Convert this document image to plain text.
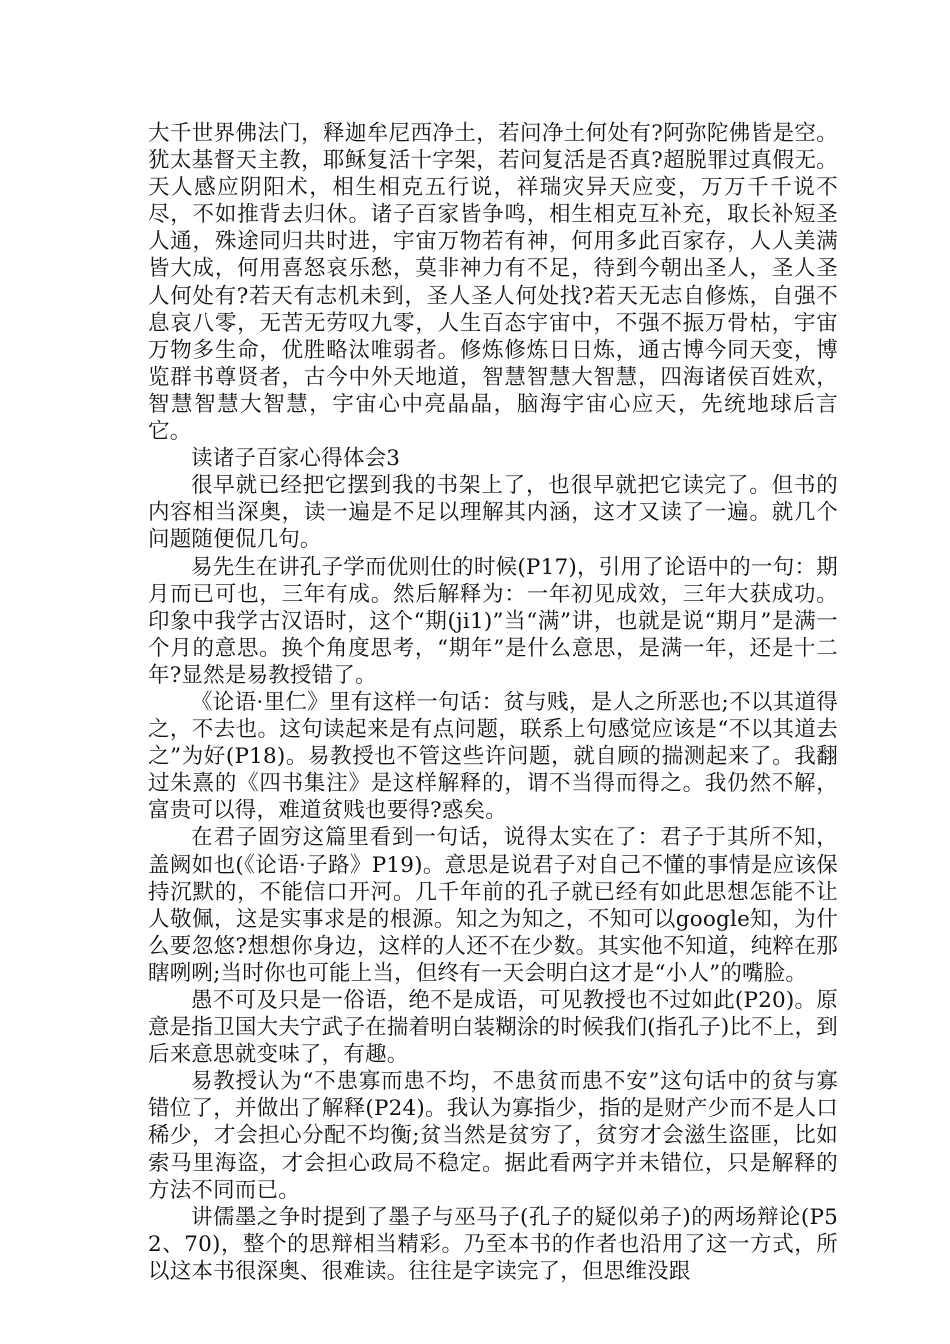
大千世界佛法门，释迦牟尼西净土，若问净土何处有?阿弥陀佛皆是空。犹太基督天主教，耶稣复活十字架，若问复活是否真?超脱罪过真假无。天人感应阴阳术，相生相克五行说，祥瑞灾异天应变，万万千千说不尽，不如推背去归休。诸子百家皆争鸣，相生相克互补充，取长补短圣人通，殊途同归共时进，宇宙万物若有神，何用多此百家存，人人美满皆大成，何用喜怒哀乐愁，莫非神力有不足，待到今朝出圣人，圣人圣人何处有?若天有志机未到，圣人圣人何处找?若天无志自修炼，自强不息哀八零，无苦无劳叹九零，人生百态宇宙中，不强不振万骨枯，宇宙万物多生命，优胜略汰唯弱者。修炼修炼日日炼，通古博今同天变，博览群书尊贤者，古今中外天地道，智慧智慧大智慧，四海诸侯百姓欢，智慧智慧大智慧，宇宙心中亮晶晶，脑海宇宙心应天，先统地球后言它。

读诸子百家心得体会3

很早就已经把它摆到我的书架上了，也很早就把它读完了。但书的内容相当深奥，读一遍是不足以理解其内涵，这才又读了一遍。就几个问题随便侃几句。

易先生在讲孔子学而优则仕的时候(P17)，引用了论语中的一句：期月而已可也，三年有成。然后解释为：一年初见成效，三年大获成功。印象中我学古汉语时，这个“期(ji1)”当“满”讲，也就是说“期月”是满一个月的意思。换个角度思考，“期年”是什么意思，是满一年，还是十二年?显然是易教授错了。

《论语·里仁》里有这样一句话：贫与贱，是人之所恶也;不以其道得之，不去也。这句读起来是有点问题，联系上句感觉应该是“不以其道去之”为好(P18)。易教授也不管这些许问题，就自顾的揣测起来了。我翻过朱熹的《四书集注》是这样解释的，谓不当得而得之。我仍然不解，富贵可以得，难道贫贱也要得?惑矣。

在君子固穷这篇里看到一句话，说得太实在了：君子于其所不知，盖阙如也(《论语·子路》P19)。意思是说君子对自己不懂的事情是应该保持沉默的，不能信口开河。几千年前的孔子就已经有如此思想怎能不让人敬佩，这是实事求是的根源。知之为知之，不知可以google知，为什么要忽悠?想想你身边，这样的人还不在少数。其实他不知道，纯粹在那瞎咧咧;当时你也可能上当，但终有一天会明白这才是“小人”的嘴脸。

愚不可及只是一俗语，绝不是成语，可见教授也不过如此(P20)。原意是指卫国大夫宁武子在揣着明白装糊涂的时候我们(指孔子)比不上，到后来意思就变味了，有趣。

易教授认为“不患寡而患不均，不患贫而患不安”这句话中的贫与寡错位了，并做出了解释(P24)。我认为寡指少，指的是财产少而不是人口稀少，才会担心分配不均衡;贫当然是贫穷了，贫穷才会滋生盗匪，比如索马里海盗，才会担心政局不稳定。据此看两字并未错位，只是解释的方法不同而已。

讲儒墨之争时提到了墨子与巫马子(孔子的疑似弟子)的两场辩论(P52、70)，整个的思辩相当精彩。乃至本书的作者也沿用了这一方式，所以这本书很深奥、很难读。往往是字读完了，但思维没跟
